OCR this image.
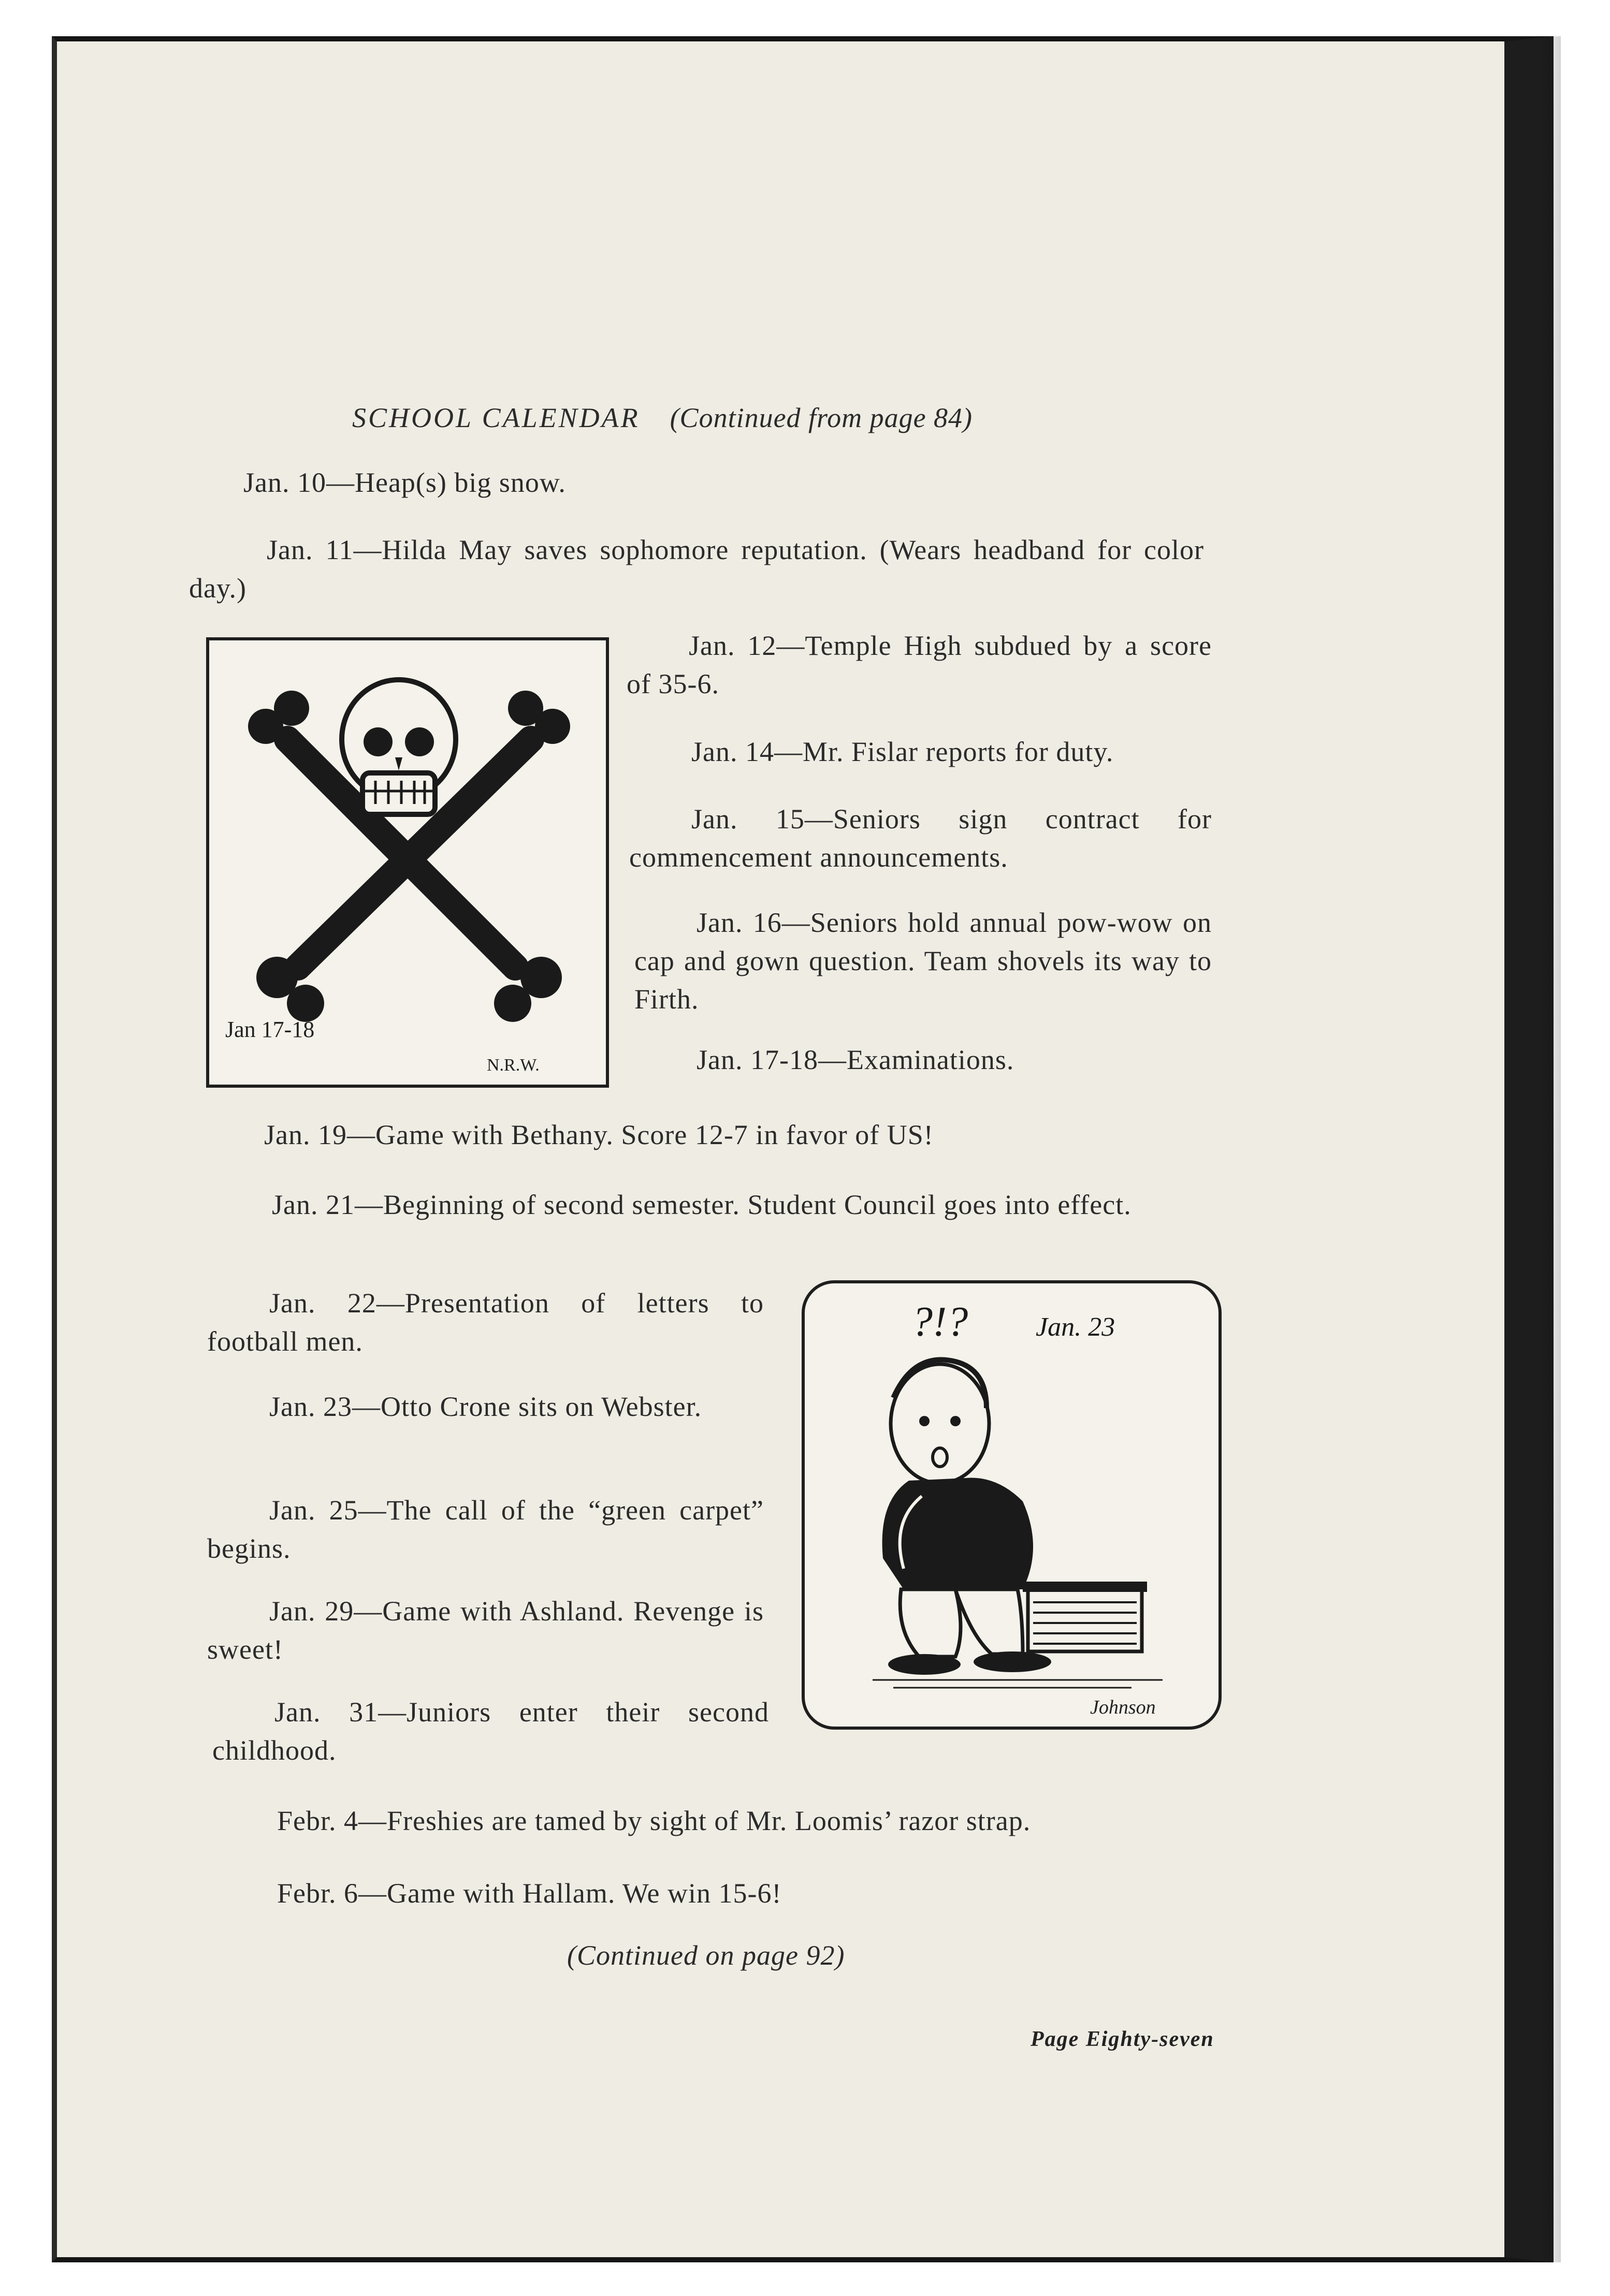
SCHOOL CALENDAR (Continued from page 84)

Jan. 10—Heap(s) big snow.

Jan. 11—Hilda May saves sophomore reputation. (Wears headband for color day.)

Jan 17-18
N.R.W.

Jan. 12—Temple High subdued by a score of 35-6.

Jan. 14—Mr. Fislar reports for duty.

Jan. 15—Seniors sign contract for commencement announcements.

Jan. 16—Seniors hold annual pow-wow on cap and gown question. Team shovels its way to Firth.

Jan. 17-18—Examinations.

Jan. 19—Game with Bethany. Score 12-7 in favor of US!

Jan. 21—Beginning of second semester. Student Council goes into effect.

Jan. 22—Presentation of letters to football men.

Jan. 23—Otto Crone sits on Webster.

Jan. 25—The call of the “green carpet” begins.

Jan. 29—Game with Ashland. Revenge is sweet!

Jan. 31—Juniors enter their second childhood.

?!?	Jan. 23
Johnson

Febr. 4—Freshies are tamed by sight of Mr. Loomis’ razor strap.

Febr. 6—Game with Hallam. We win 15-6!

(Continued on page 92)

Page Eighty-seven
